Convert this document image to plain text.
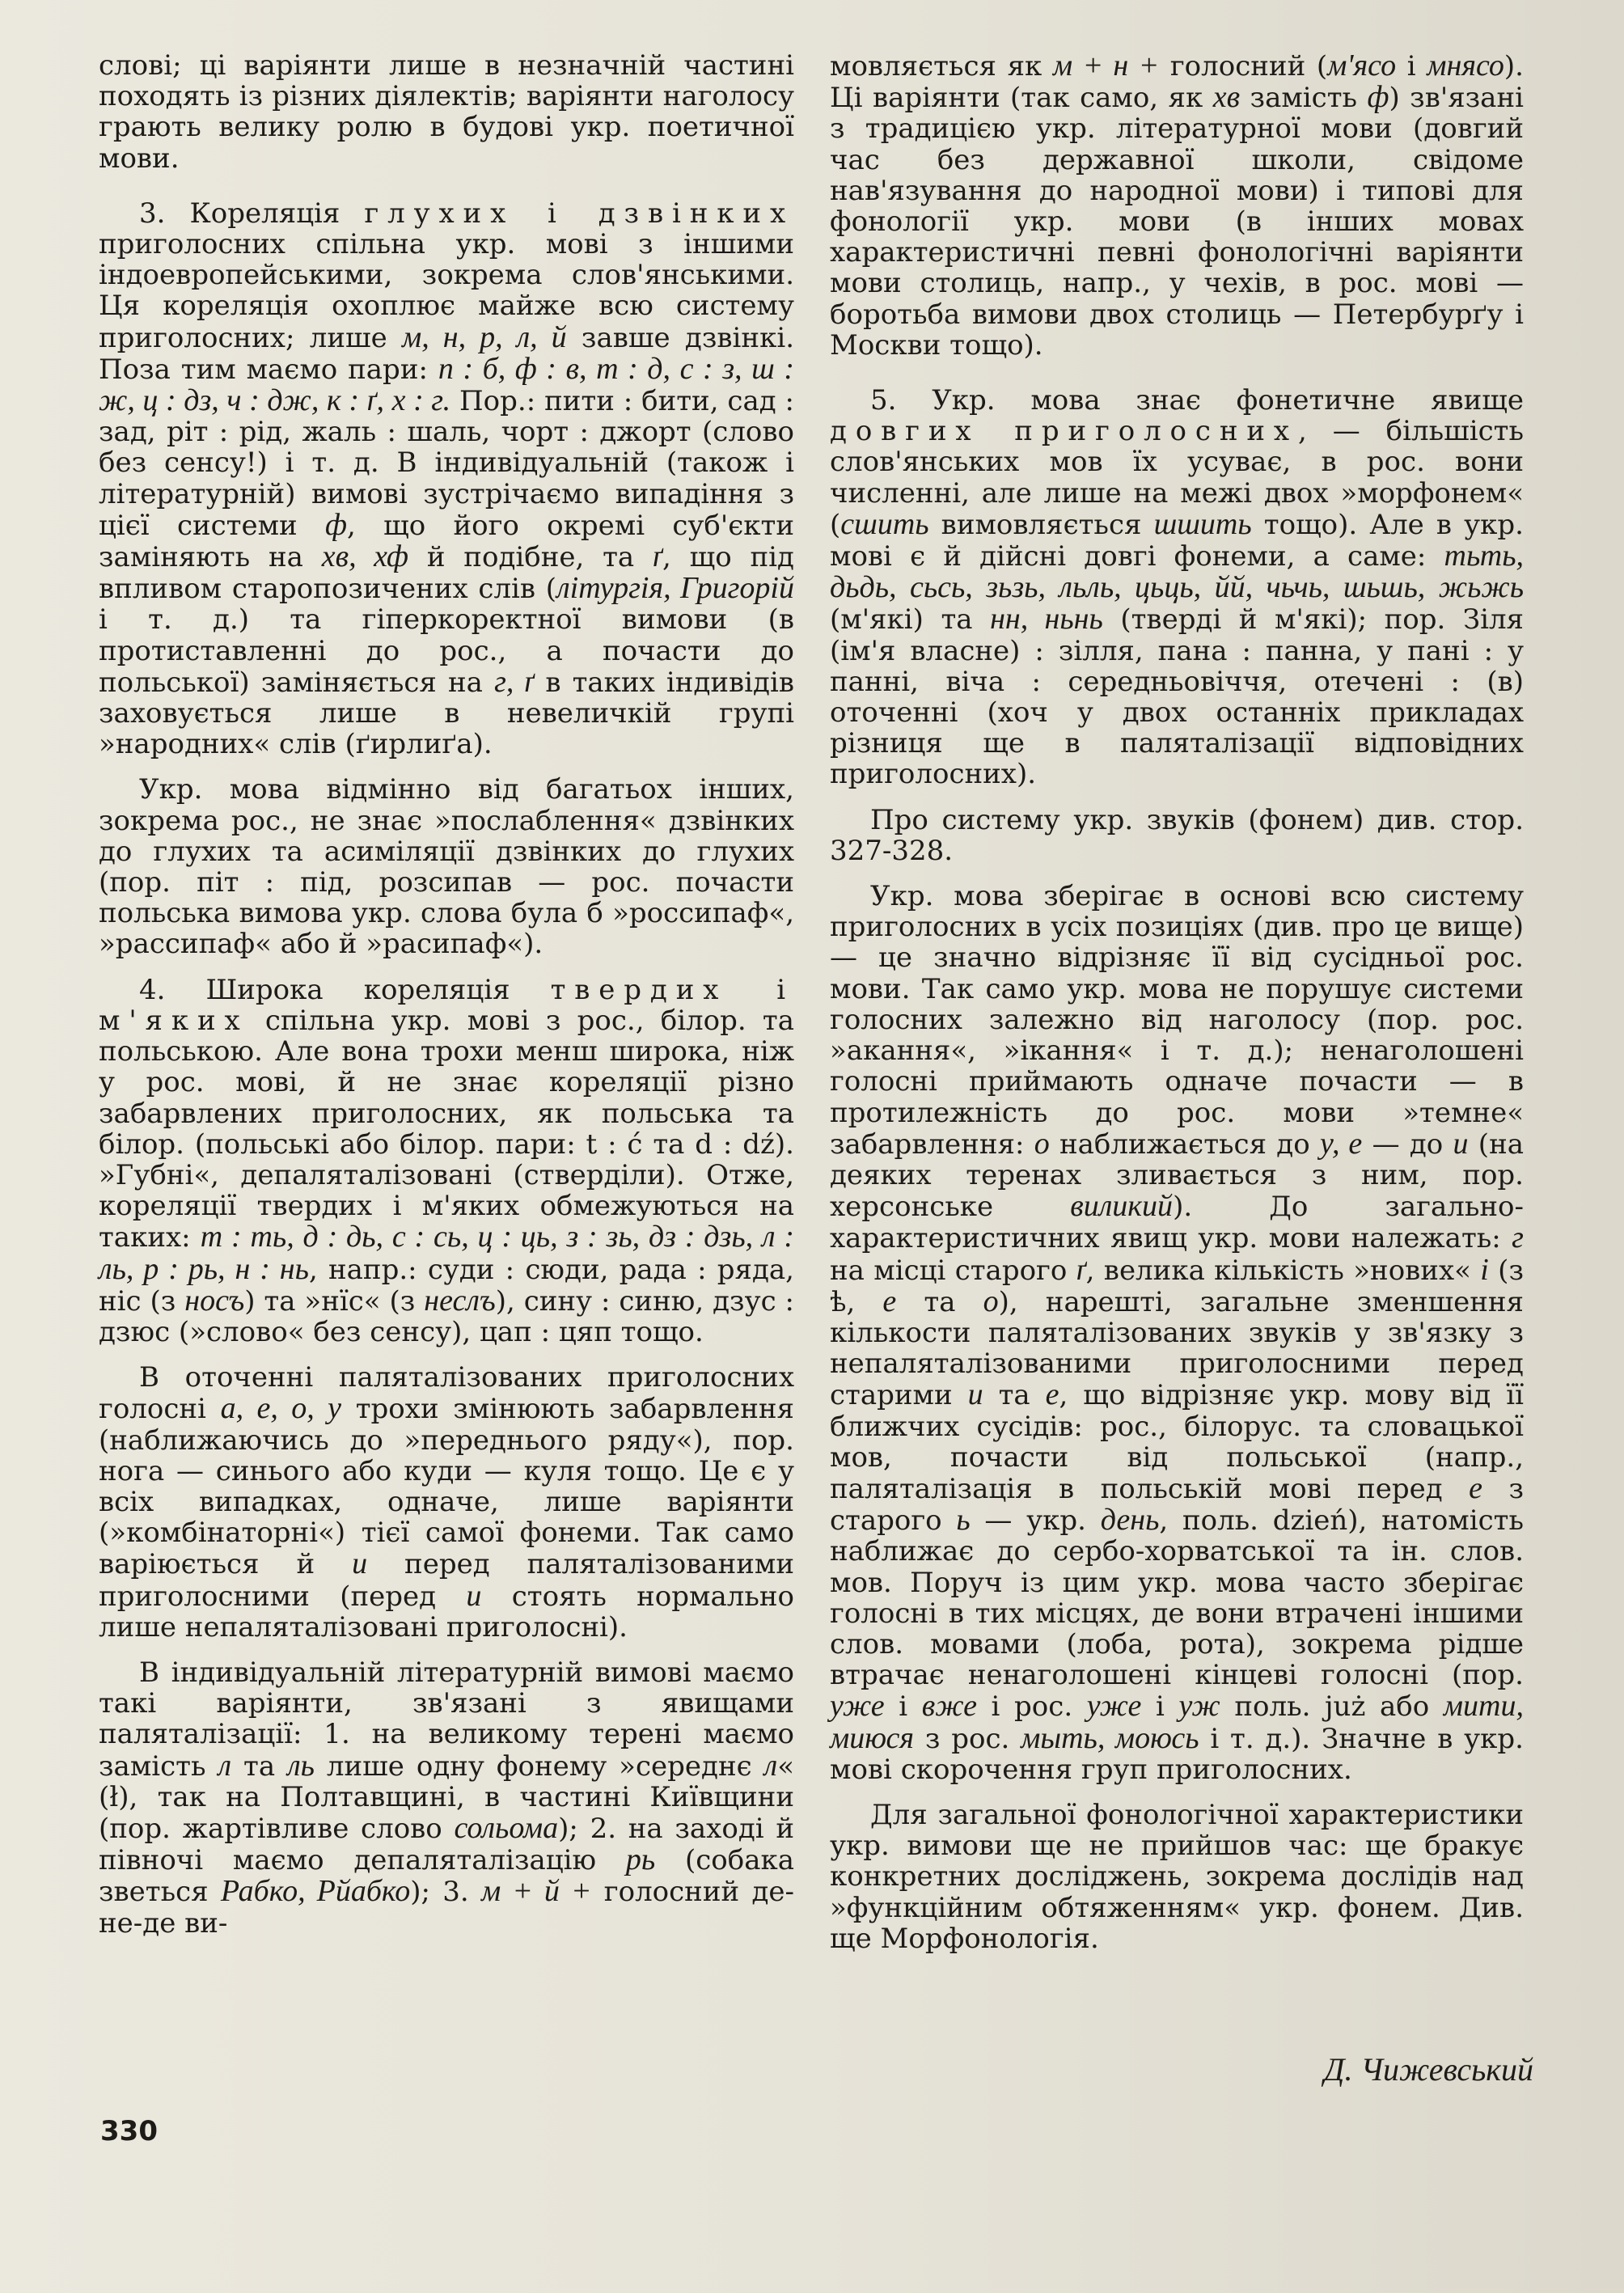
слові; ці варіянти лише в незначній частині походять із різних діялектів; варіянти наголосу грають велику ролю в будові укр. поетичної мови.

3. Кореляція глухих і дзвінких приголосних спільна укр. мові з іншими індоевропейськими, зокрема слов'янськими. Ця кореляція охоплює майже всю систему приголосних; лише м, н, р, л, й завше дзвінкі. Поза тим маємо пари: п : б, ф : в, т : д, с : з, ш : ж, ц : дз, ч : дж, к : ґ, х : г. Пор.: пити : бити, сад : зад, рiт : рід, жаль : шаль, чорт : джорт (слово без сенсу!) і т. д. В індивідуальній (також і літературній) вимові зустрічаємо випадіння з цієї системи ф, що його окремі суб'єкти заміняють на хв, хф й подібне, та ґ, що під впливом старопозичених слів (літургія, Григорій і т. д.) та гіперкоректної вимови (в протиставленні до рос., а почасти до польської) заміняється на г, ґ в таких індивідів заховується лише в невеличкій групі »народних« слів (ґирлиґа).

Укр. мова відмінно від багатьох інших, зокрема рос., не знає »послаблення« дзвінких до глухих та асиміляції дзвінких до глухих (пор. піт : під, розсипав — рос. почасти польська вимова укр. слова була б »россипаф«, »рассипаф« або й »расипаф«).

4. Широка кореляція твердих і м'яких спільна укр. мові з рос., білор. та польською. Але вона трохи менш широка, ніж у рос. мові, й не знає кореляції різно забарвлених приголосних, як польська та білор. (польські або білор. пари: t : ć та d : dź). »Губні«, депаляталізовані (стверділи). Отже, кореляції твердих і м'яких обмежуються на таких: т : ть, д : дь, с : сь, ц : ць, з : зь, дз : дзь, л : ль, р : рь, н : нь, напр.: суди : сюди, рада : ряда, ніс (з носъ) та »нїс« (з неслъ), сину : синю, дзус : дзюс (»слово« без сенсу), цап : цяп тощо.

В оточенні паляталізованих приголосних голосні а, е, о, у трохи змінюють забарвлення (наближаючись до »переднього ряду«), пор. нога — синього або куди — куля тощо. Це є у всіх випадках, одначе, лише варіянти (»комбінаторні«) тієї самої фонеми. Так само варіюється й и перед паляталізованими приголосними (перед и стоять нормально лише непаляталізовані приголосні).

В індивідуальній літературній вимові маємо такі варіянти, зв'язані з явищами паляталізації: 1. на великому терені маємо замість л та ль лише одну фонему »середнє л« (ł), так на Полтавщині, в частині Київщини (пор. жартівливе слово сольома); 2. на заході й півночі маємо депаляталізацію рь (собака зветься Рабко, Рйабко); 3. м + й + голосний де-не-де ви-

мовляється як м + н + голосний (м'ясо і мнясо). Ці варіянти (так само, як хв замість ф) зв'язані з традицією укр. літературної мови (довгий час без державної школи, свідоме нав'язування до народної мови) і типові для фонології укр. мови (в інших мовах характеристичні певні фонологічні варіянти мови столиць, напр., у чехів, в рос. мові — боротьба вимови двох столиць — Петербурґу і Москви тощо).

5. Укр. мова знає фонетичне явище довгих приголосних, — більшість слов'янських мов їх усуває, в рос. вони численні, але лише на межі двох »морфонем« (сшить вимовляється шшить тощо). Але в укр. мові є й дійсні довгі фонеми, а саме: тьть, дьдь, сьсь, зьзь, льль, цьць, йй, чьчь, шьшь, жьжь (м'які) та нн, ньнь (тверді й м'які); пор. Зіля (ім'я власне) : зілля, пана : панна, у пані : у панні, віча : середньовіччя, отечені : (в) оточенні (хоч у двох останніх прикладах різниця ще в паляталізації відповідних приголосних).

Про систему укр. звуків (фонем) див. стор. 327-328.

Укр. мова зберігає в основі всю систему приголосних в усіх позиціях (див. про це вище) — це значно відрізняє її від сусідньої рос. мови. Так само укр. мова не порушує системи голосних залежно від наголосу (пор. рос. »акання«, »ікання« і т. д.); ненаголошені голосні приймають одначе почасти — в протилежність до рос. мови »темне« забарвлення: о наближається до у, е — до и (на деяких теренах зливається з ним, пор. херсонське виликий). До загально-характеристичних явищ укр. мови належать: г на місці старого ґ, велика кількість »нових« і (з ѣ, е та о), нарешті, загальне зменшення кількости паляталізованих звуків у зв'язку з непаляталізованими приголосними перед старими и та е, що відрізняє укр. мову від її ближчих сусідів: рос., білорус. та словацької мов, почасти від польської (напр., паляталізація в польській мові перед е з старого ь — укр. день, поль. dzień), натомість наближає до сербо-хорватської та ін. слов. мов. Поруч із цим укр. мова часто зберігає голосні в тих місцях, де вони втрачені іншими слов. мовами (лоба, рота), зокрема рідше втрачає ненаголошені кінцеві голосні (пор. уже і вже і рос. уже і уж поль. już або мити, миюся з рос. мыть, моюсь і т. д.). Значне в укр. мові скорочення груп приголосних.

Для загальної фонологічної характеристики укр. вимови ще не прийшов час: ще бракує конкретних досліджень, зокрема дослідів над »функційним обтяженням« укр. фонем. Див. ще Морфонологія.

Д. Чижевський
330
